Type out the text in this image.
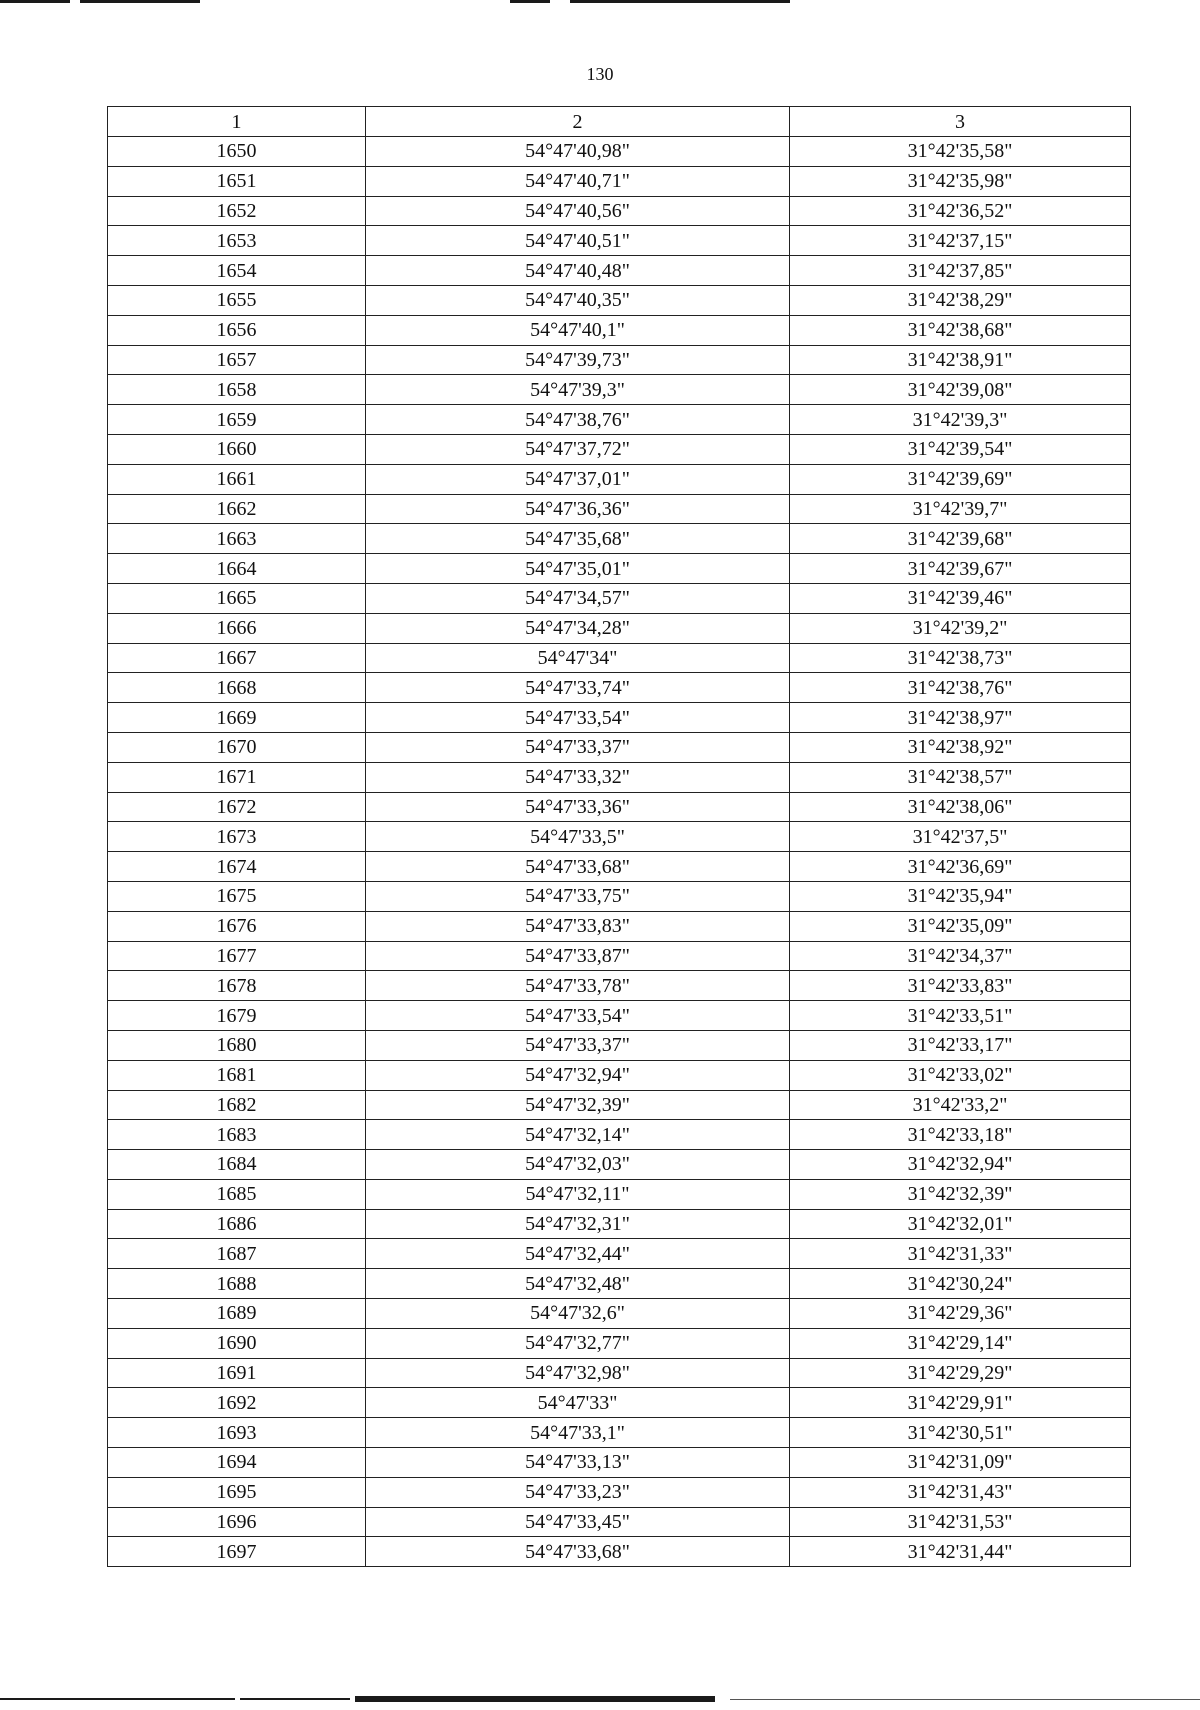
130
1	2	3
1650	54°47'40,98"	31°42'35,58"
1651	54°47'40,71"	31°42'35,98"
1652	54°47'40,56"	31°42'36,52"
1653	54°47'40,51"	31°42'37,15"
1654	54°47'40,48"	31°42'37,85"
1655	54°47'40,35"	31°42'38,29"
1656	54°47'40,1"	31°42'38,68"
1657	54°47'39,73"	31°42'38,91"
1658	54°47'39,3"	31°42'39,08"
1659	54°47'38,76"	31°42'39,3"
1660	54°47'37,72"	31°42'39,54"
1661	54°47'37,01"	31°42'39,69"
1662	54°47'36,36"	31°42'39,7"
1663	54°47'35,68"	31°42'39,68"
1664	54°47'35,01"	31°42'39,67"
1665	54°47'34,57"	31°42'39,46"
1666	54°47'34,28"	31°42'39,2"
1667	54°47'34"	31°42'38,73"
1668	54°47'33,74"	31°42'38,76"
1669	54°47'33,54"	31°42'38,97"
1670	54°47'33,37"	31°42'38,92"
1671	54°47'33,32"	31°42'38,57"
1672	54°47'33,36"	31°42'38,06"
1673	54°47'33,5"	31°42'37,5"
1674	54°47'33,68"	31°42'36,69"
1675	54°47'33,75"	31°42'35,94"
1676	54°47'33,83"	31°42'35,09"
1677	54°47'33,87"	31°42'34,37"
1678	54°47'33,78"	31°42'33,83"
1679	54°47'33,54"	31°42'33,51"
1680	54°47'33,37"	31°42'33,17"
1681	54°47'32,94"	31°42'33,02"
1682	54°47'32,39"	31°42'33,2"
1683	54°47'32,14"	31°42'33,18"
1684	54°47'32,03"	31°42'32,94"
1685	54°47'32,11"	31°42'32,39"
1686	54°47'32,31"	31°42'32,01"
1687	54°47'32,44"	31°42'31,33"
1688	54°47'32,48"	31°42'30,24"
1689	54°47'32,6"	31°42'29,36"
1690	54°47'32,77"	31°42'29,14"
1691	54°47'32,98"	31°42'29,29"
1692	54°47'33"	31°42'29,91"
1693	54°47'33,1"	31°42'30,51"
1694	54°47'33,13"	31°42'31,09"
1695	54°47'33,23"	31°42'31,43"
1696	54°47'33,45"	31°42'31,53"
1697	54°47'33,68"	31°42'31,44"
